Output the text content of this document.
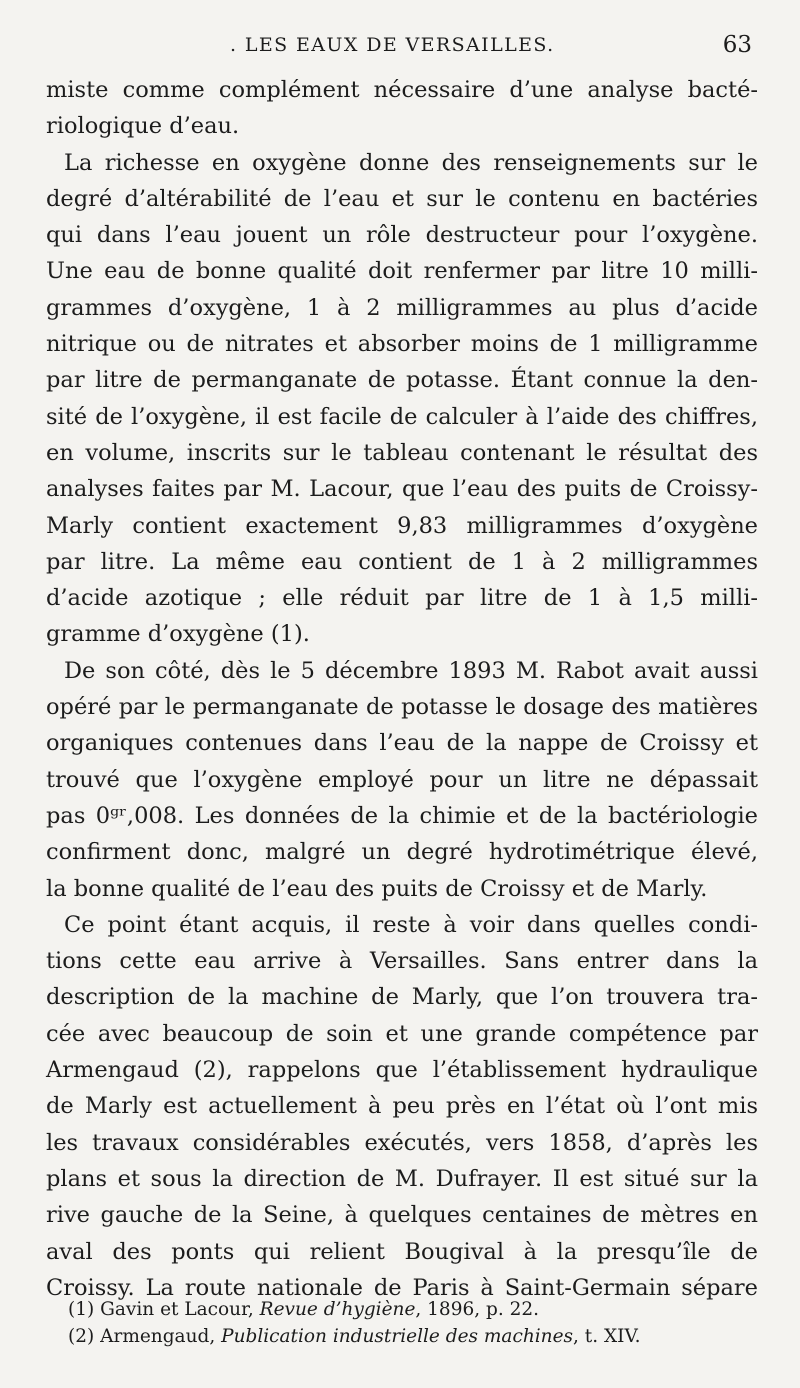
. LES EAUX DE VERSAILLES.	63
miste comme complément nécessaire d’une analyse bacté-
riologique d’eau.
La richesse en oxygène donne des renseignements sur le
degré d’altérabilité de l’eau et sur le contenu en bactéries
qui dans l’eau jouent un rôle destructeur pour l’oxygène.
Une eau de bonne qualité doit renfermer par litre 10 milli-
grammes d’oxygène, 1 à 2 milligrammes au plus d’acide
nitrique ou de nitrates et absorber moins de 1 milligramme
par litre de permanganate de potasse. Étant connue la den-
sité de l’oxygène, il est facile de calculer à l’aide des chiffres,
en volume, inscrits sur le tableau contenant le résultat des
analyses faites par M. Lacour, que l’eau des puits de Croissy-
Marly contient exactement 9,83 milligrammes d’oxygène
par litre. La même eau contient de 1 à 2 milligrammes
d’acide azotique ; elle réduit par litre de 1 à 1,5 milli-
gramme d’oxygène (1).
De son côté, dès le 5 décembre 1893 M. Rabot avait aussi
opéré par le permanganate de potasse le dosage des matières
organiques contenues dans l’eau de la nappe de Croissy et
trouvé que l’oxygène employé pour un litre ne dépassait
pas 0ᵍʳ,008. Les données de la chimie et de la bactériologie
confirment donc, malgré un degré hydrotimétrique élevé,
la bonne qualité de l’eau des puits de Croissy et de Marly.
Ce point étant acquis, il reste à voir dans quelles condi-
tions cette eau arrive à Versailles. Sans entrer dans la
description de la machine de Marly, que l’on trouvera tra-
cée avec beaucoup de soin et une grande compétence par
Armengaud (2), rappelons que l’établissement hydraulique
de Marly est actuellement à peu près en l’état où l’ont mis
les travaux considérables exécutés, vers 1858, d’après les
plans et sous la direction de M. Dufrayer. Il est situé sur la
rive gauche de la Seine, à quelques centaines de mètres en
aval des ponts qui relient Bougival à la presqu’île de
Croissy. La route nationale de Paris à Saint-Germain sépare
(1) Gavin et Lacour, Revue d’hygiène, 1896, p. 22.
(2) Armengaud, Publication industrielle des machines, t. XIV.
